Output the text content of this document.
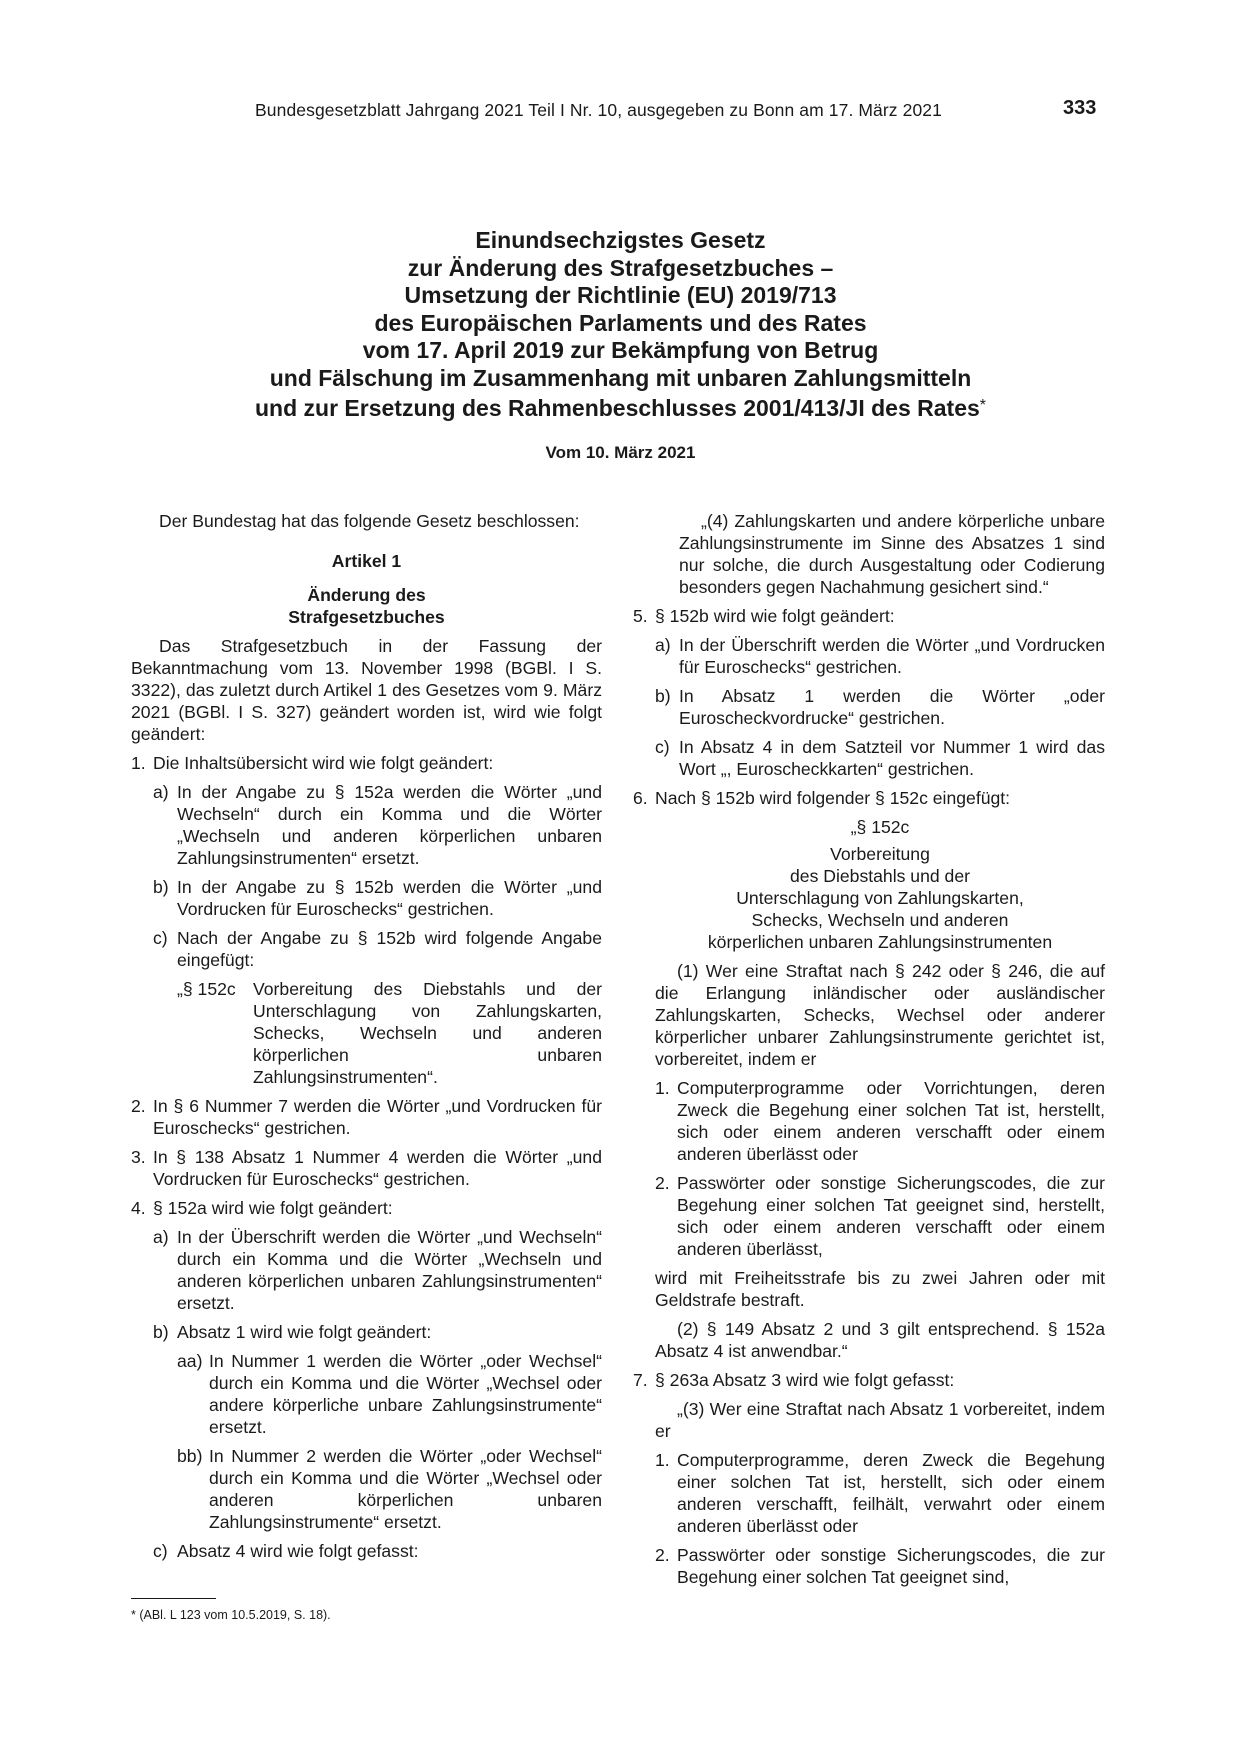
Bundesgesetzblatt Jahrgang 2021 Teil I Nr. 10, ausgegeben zu Bonn am 17. März 2021	333
Einundsechzigstes Gesetz
zur Änderung des Strafgesetzbuches –
Umsetzung der Richtlinie (EU) 2019/713
des Europäischen Parlaments und des Rates
vom 17. April 2019 zur Bekämpfung von Betrug
und Fälschung im Zusammenhang mit unbaren Zahlungsmitteln
und zur Ersetzung des Rahmenbeschlusses 2001/413/JI des Rates*
Vom 10. März 2021

Der Bundestag hat das folgende Gesetz beschlossen:

Artikel 1

Änderung des

Strafgesetzbuches

Das Strafgesetzbuch in der Fassung der Bekanntmachung vom 13. November 1998 (BGBl. I S. 3322), das zuletzt durch Artikel 1 des Gesetzes vom 9. März 2021 (BGBl. I S. 327) geändert worden ist, wird wie folgt geändert:

1. Die Inhaltsübersicht wird wie folgt geändert:
a) In der Angabe zu § 152a werden die Wörter „und Wechseln“ durch ein Komma und die Wörter „Wechseln und anderen körperlichen unbaren Zahlungsinstrumenten“ ersetzt.
b) In der Angabe zu § 152b werden die Wörter „und Vordrucken für Euroschecks“ gestrichen.
c) Nach der Angabe zu § 152b wird folgende Angabe eingefügt:
„§ 152c Vorbereitung des Diebstahls und der Unterschlagung von Zahlungskarten, Schecks, Wechseln und anderen körperlichen unbaren Zahlungsinstrumenten“.
2. In § 6 Nummer 7 werden die Wörter „und Vordrucken für Euroschecks“ gestrichen.
3. In § 138 Absatz 1 Nummer 4 werden die Wörter „und Vordrucken für Euroschecks“ gestrichen.
4. § 152a wird wie folgt geändert:
a) In der Überschrift werden die Wörter „und Wechseln“ durch ein Komma und die Wörter „Wechseln und anderen körperlichen unbaren Zahlungsinstrumenten“ ersetzt.
b) Absatz 1 wird wie folgt geändert:
aa) In Nummer 1 werden die Wörter „oder Wechsel“ durch ein Komma und die Wörter „Wechsel oder andere körperliche unbare Zahlungsinstrumente“ ersetzt.
bb) In Nummer 2 werden die Wörter „oder Wechsel“ durch ein Komma und die Wörter „Wechsel oder anderen körperlichen unbaren Zahlungsinstrumente“ ersetzt.
c) Absatz 4 wird wie folgt gefasst:

„(4) Zahlungskarten und andere körperliche unbare Zahlungsinstrumente im Sinne des Absatzes 1 sind nur solche, die durch Ausgestaltung oder Codierung besonders gegen Nachahmung gesichert sind.“

5. § 152b wird wie folgt geändert:
a) In der Überschrift werden die Wörter „und Vordrucken für Euroschecks“ gestrichen.
b) In Absatz 1 werden die Wörter „oder Euroscheckvordrucke“ gestrichen.
c) In Absatz 4 in dem Satzteil vor Nummer 1 wird das Wort „, Euroscheckkarten“ gestrichen.
6. Nach § 152b wird folgender § 152c eingefügt:

„§ 152c

Vorbereitung
des Diebstahls und der
Unterschlagung von Zahlungskarten,
Schecks, Wechseln und anderen

körperlichen unbaren Zahlungsinstrumenten

(1) Wer eine Straftat nach § 242 oder § 246, die auf die Erlangung inländischer oder ausländischer Zahlungskarten, Schecks, Wechsel oder anderer körperlicher unbarer Zahlungsinstrumente gerichtet ist, vorbereitet, indem er

1. Computerprogramme oder Vorrichtungen, deren Zweck die Begehung einer solchen Tat ist, herstellt, sich oder einem anderen verschafft oder einem anderen überlässt oder
2. Passwörter oder sonstige Sicherungscodes, die zur Begehung einer solchen Tat geeignet sind, herstellt, sich oder einem anderen verschafft oder einem anderen überlässt,

wird mit Freiheitsstrafe bis zu zwei Jahren oder mit Geldstrafe bestraft.

(2) § 149 Absatz 2 und 3 gilt entsprechend. § 152a Absatz 4 ist anwendbar.“

7. § 263a Absatz 3 wird wie folgt gefasst:

„(3) Wer eine Straftat nach Absatz 1 vorbereitet, indem er

1. Computerprogramme, deren Zweck die Begehung einer solchen Tat ist, herstellt, sich oder einem anderen verschafft, feilhält, verwahrt oder einem anderen überlässt oder
2. Passwörter oder sonstige Sicherungscodes, die zur Begehung einer solchen Tat geeignet sind,
* (ABl. L 123 vom 10.5.2019, S. 18).
